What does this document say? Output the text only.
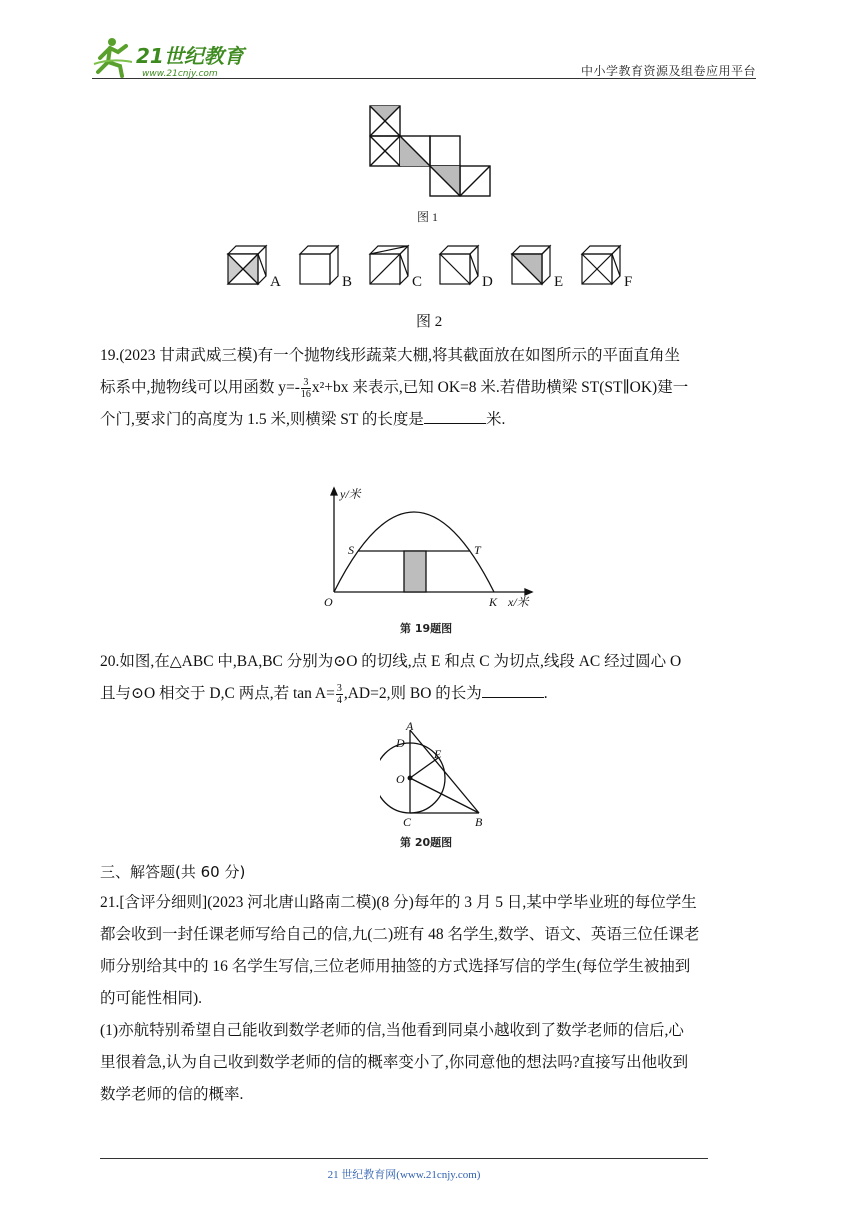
21世纪教育
www.21cnjy.com	中小学教育资源及组卷应用平台
图 1
A	B	C	D	E	F
图 2
19.(2023 甘肃武威三模)有一个抛物线形蔬菜大棚,将其截面放在如图所示的平面直角坐
标系中,抛物线可以用函数 $y=- \frac{3}{16} x^2+bx$ 来表示,已知 OK=8 米.若借助横梁 ST(ST∥OK)建一
个门,要求门的高度为 1.5 米,则横梁 ST 的长度是	米.
y/米
O	K x/米
S	T
第 19题图
20.如图,在△ABC 中,BA,BC 分别为⊙O 的切线,点 E 和点 C 为切点,线段 AC 经过圆心 O
且与⊙O 相交于 D,C 两点,若 $\tan A= \frac{3}{4} ,AD=2$,则 BO 的长为	.
A
D
E
O
C	B
第 20题图
三、解答题(共 60 分)
21.[含评分细则](2023 河北唐山路南二模)(8 分)每年的 3 月 5 日,某中学毕业班的每位学生
都会收到一封任课老师写给自己的信,九(二)班有 48 名学生,数学、语文、英语三位任课老
师分别给其中的 16 名学生写信,三位老师用抽签的方式选择写信的学生(每位学生被抽到
的可能性相同).
(1)亦航特别希望自己能收到数学老师的信,当他看到同桌小越收到了数学老师的信后,心
里很着急,认为自己收到数学老师的信的概率变小了,你同意他的想法吗?直接写出他收到
数学老师的信的概率.
21 世纪教育网(www.21cnjy.com)
